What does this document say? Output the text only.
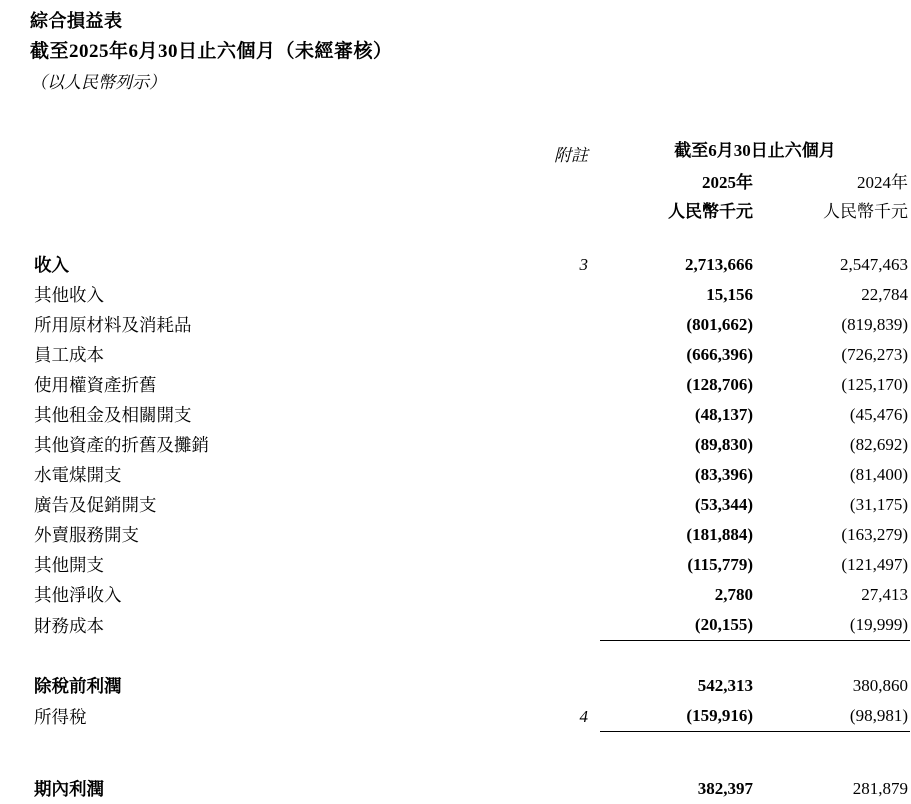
綜合損益表
截至2025年6月30日止六個月（未經審核）
（以人民幣列示）

	附註	截至6月30日止六個月	
		2025年	2024年
		人民幣千元	人民幣千元

收入	3	2,713,666	2,547,463
其他收入		15,156	22,784
所用原材料及消耗品		(801,662)	(819,839)
員工成本		(666,396)	(726,273)
使用權資產折舊		(128,706)	(125,170)
其他租金及相關開支		(48,137)	(45,476)
其他資產的折舊及攤銷		(89,830)	(82,692)
水電煤開支		(83,396)	(81,400)
廣告及促銷開支		(53,344)	(31,175)
外賣服務開支		(181,884)	(163,279)
其他開支		(115,779)	(121,497)
其他淨收入		2,780	27,413
財務成本		(20,155)	(19,999)

除稅前利潤		542,313	380,860
所得稅	4	(159,916)	(98,981)

期內利潤		382,397	281,879
